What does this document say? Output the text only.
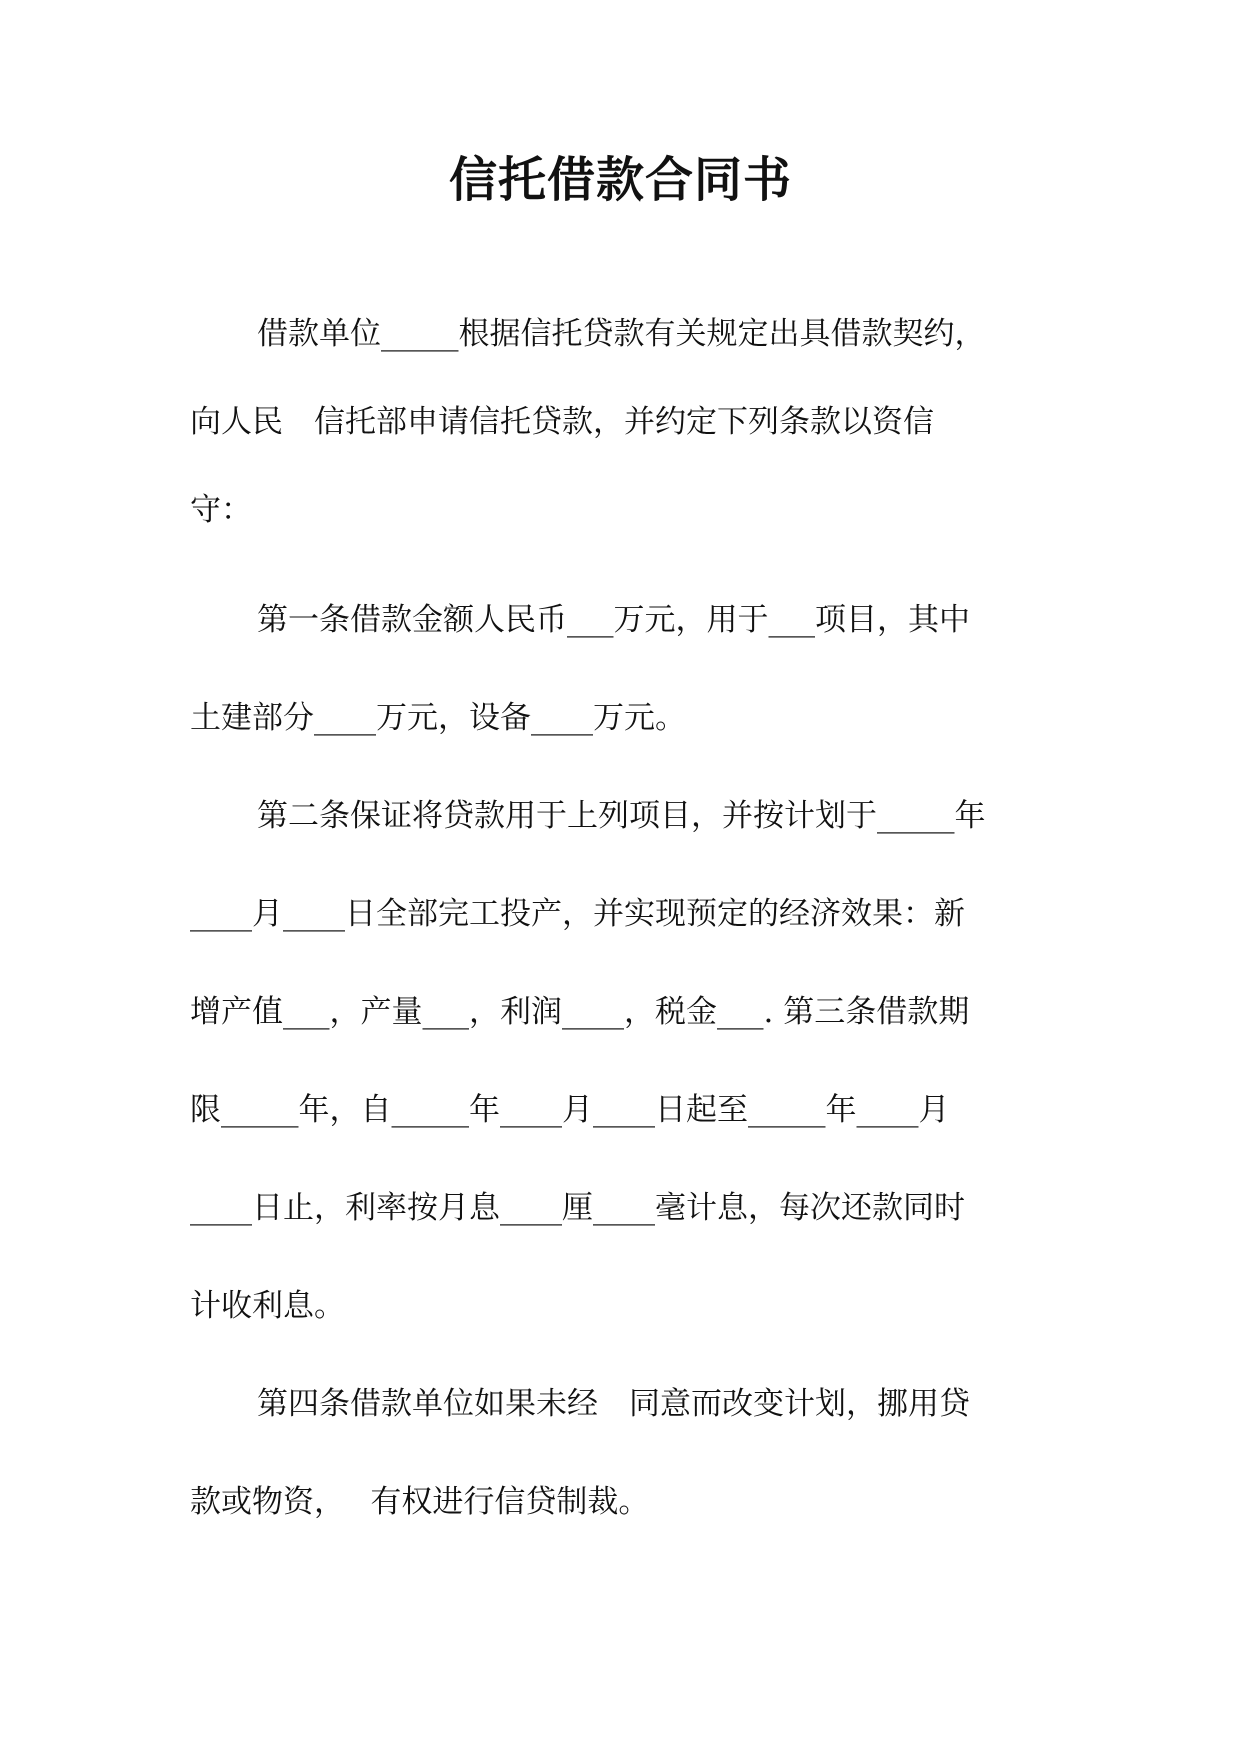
信托借款合同书

借款单位_____根据信托贷款有关规定出具借款契约，

向人民　信托部申请信托贷款，并约定下列条款以资信

守：

第一条借款金额人民币___万元，用于___项目，其中

土建部分____万元，设备____万元。

第二条保证将贷款用于上列项目，并按计划于_____年

____月____日全部完工投产，并实现预定的经济效果：新

增产值___，产量___，利润____，税金___. 第三条借款期

限_____年，自_____年____月____日起至_____年____月

____日止，利率按月息____厘____毫计息，每次还款同时

计收利息。

第四条借款单位如果未经　同意而改变计划，挪用贷

款或物资，　 有权进行信贷制裁。
